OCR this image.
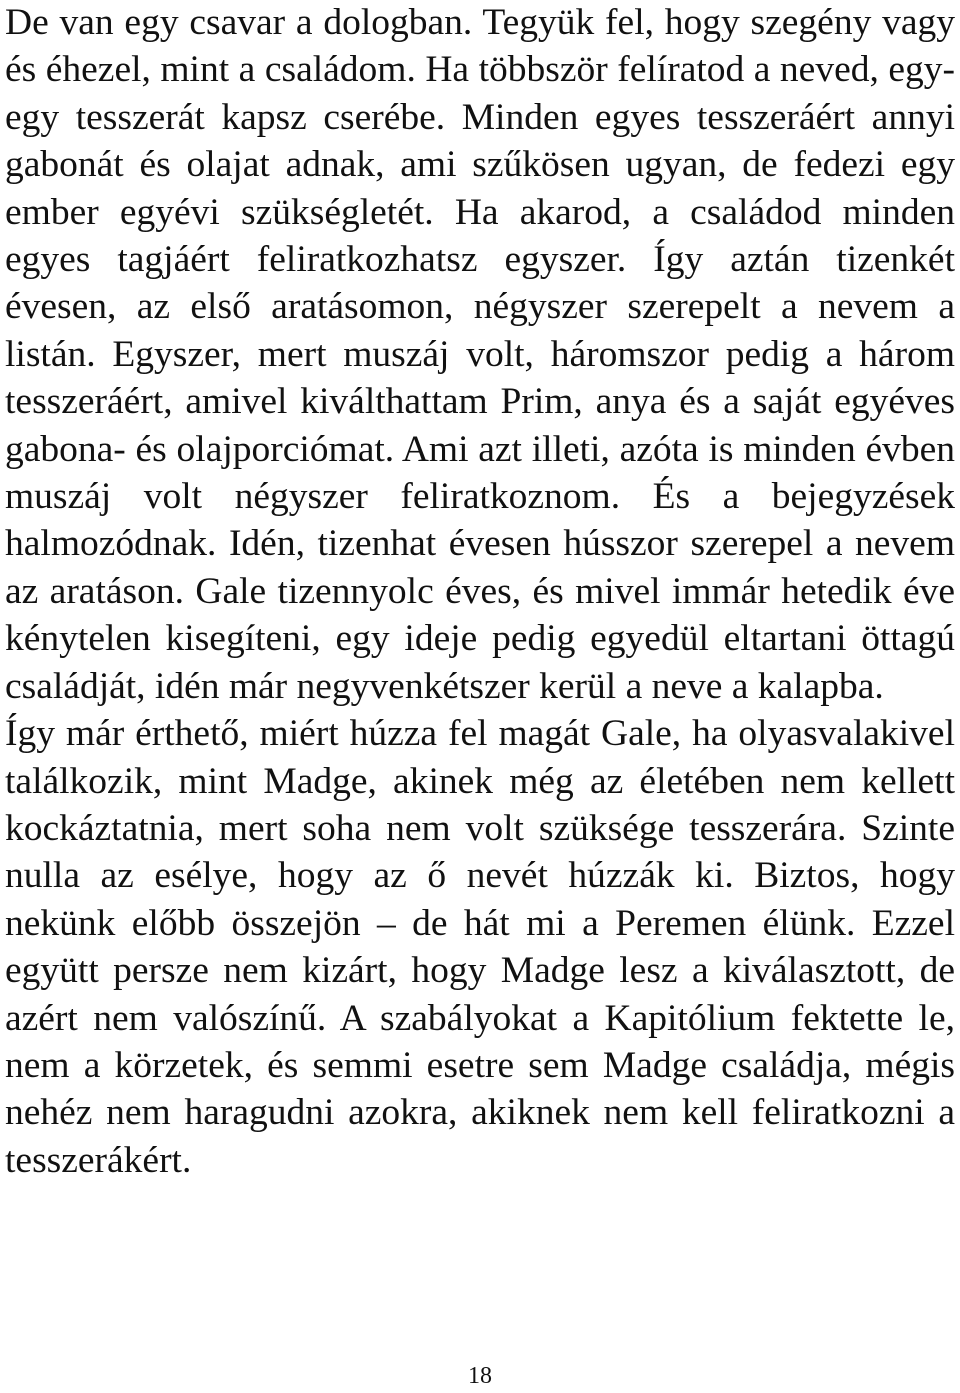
De van egy csavar a dologban. Tegyük fel, hogy szegény vagy és éhezel, mint a családom. Ha többször felíratod a neved, egy-egy tesszerát kapsz cserébe. Minden egyes tesszeráért annyi gabonát és olajat adnak, ami szűkösen ugyan, de fedezi egy ember egyévi szükségletét. Ha akarod, a családod minden egyes tagjáért feliratkozhatsz egyszer. Így aztán tizenkét évesen, az első aratásomon, négyszer szerepelt a nevem a listán. Egyszer, mert muszáj volt, háromszor pedig a három tesszeráért, amivel kiválthattam Prim, anya és a saját egyéves gabona- és olajporciómat. Ami azt illeti, azóta is minden évben muszáj volt négyszer feliratkoznom. És a bejegyzések halmozódnak. Idén, tizenhat évesen hússzor szerepel a nevem az aratáson. Gale tizennyolc éves, és mivel immár hetedik éve kénytelen kisegíteni, egy ideje pedig egyedül eltartani öttagú családját, idén már negyvenkétszer kerül a neve a kalapba.

Így már érthető, miért húzza fel magát Gale, ha olyasvalakivel találkozik, mint Madge, akinek még az életében nem kellett kockáztatnia, mert soha nem volt szüksége tesszerára. Szinte nulla az esélye, hogy az ő nevét húzzák ki. Biztos, hogy nekünk előbb összejön – de hát mi a Peremen élünk. Ezzel együtt persze nem kizárt, hogy Madge lesz a kiválasztott, de azért nem valószínű. A szabályokat a Kapitólium fektette le, nem a körzetek, és semmi esetre sem Madge családja, mégis nehéz nem haragudni azokra, akiknek nem kell feliratkozni a tesszerákért.

18
